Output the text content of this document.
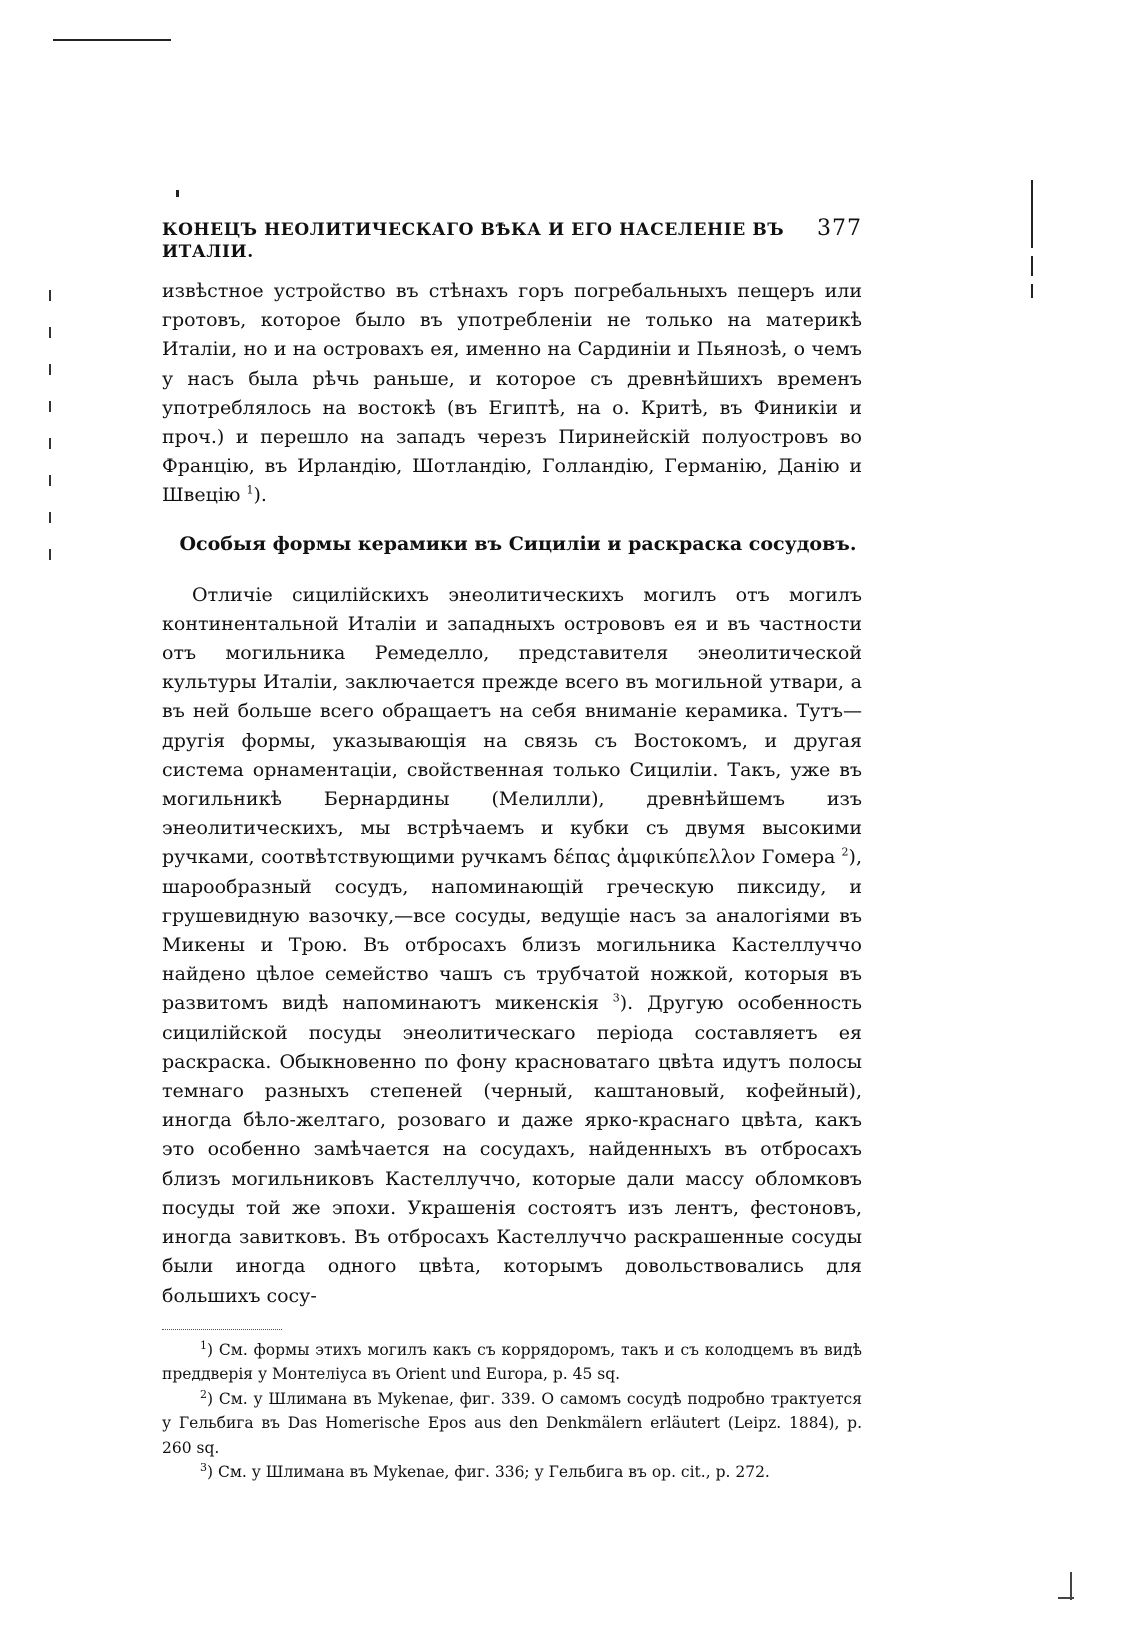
КОНЕЦЪ НЕОЛИТИЧЕСКАГО ВѢКА И ЕГО НАСЕЛЕНІЕ ВЪ ИТАЛІИ.
377

извѣстное устройство въ стѣнахъ горъ погребальныхъ пещеръ или гротовъ, которое было въ употребленіи не только на материкѣ Италіи, но и на островахъ ея, именно на Сардиніи и Пьянозѣ, о чемъ у насъ была рѣчь раньше, и которое съ древнѣйшихъ временъ употреблялось на востокѣ (въ Египтѣ, на о. Критѣ, въ Финикіи и проч.) и перешло на западъ черезъ Пиринейскій полуостровъ во Францію, въ Ирландію, Шотландію, Голландію, Германію, Данію и Швецію $^1$).

Особыя формы керамики въ Сициліи и раскраска сосудовъ.

Отличіе сицилійскихъ энеолитическихъ могилъ отъ могилъ континентальной Италіи и западныхъ острововъ ея и въ частности отъ могильника Ремеделло, представителя энеолитической культуры Италіи, заключается прежде всего въ могильной утвари, а въ ней больше всего обращаетъ на себя вниманіе керамика. Тутъ—другія формы, указывающія на связь съ Востокомъ, и другая система орнаментаціи, свойственная только Сициліи. Такъ, уже въ могильникѣ Бернардины (Мелилли), древнѣйшемъ изъ энеолитическихъ, мы встрѣчаемъ и кубки съ двумя высокими ручками, соотвѣтствующими ручкамъ δέπας ἀμφικύπελλον Гомера $^2$), шарообразный сосудъ, напоминающій греческую пиксиду, и грушевидную вазочку,—все сосуды, ведущіе насъ за аналогіями въ Микены и Трою. Въ отбросахъ близъ могильника Кастеллуччо найдено цѣлое семейство чашъ съ трубчатой ножкой, которыя въ развитомъ видѣ напоминаютъ микенскія $^3$). Другую особенность сицилійской посуды энеолитическаго періода составляетъ ея раскраска. Обыкновенно по фону красноватаго цвѣта идутъ полосы темнаго разныхъ степеней (черный, каштановый, кофейный), иногда бѣло-желтаго, розоваго и даже ярко-краснаго цвѣта, какъ это особенно замѣчается на сосудахъ, найденныхъ въ отбросахъ близъ могильниковъ Кастеллуччо, которые дали массу обломковъ посуды той же эпохи. Украшенія состоятъ изъ лентъ, фестоновъ, иногда завитковъ. Въ отбросахъ Кастеллуччо раскрашенные сосуды были иногда одного цвѣта, которымъ довольствовались для большихъ сосу-

$^1$) См. формы этихъ могилъ какъ съ коррядоромъ, такъ и съ колодцемъ въ видѣ преддверія у Монтеліуса въ Orient und Europa, p. 45 sq.

$^2$) См. у Шлимана въ Mykenae, фиг. 339. О самомъ сосудѣ подробно трактуется у Гельбига въ Das Homerische Epos aus den Denkmälern erläutert (Leipz. 1884), p. 260 sq.

$^3$) См. у Шлимана въ Mykenae, фиг. 336; у Гельбига въ op. cit., p. 272.
